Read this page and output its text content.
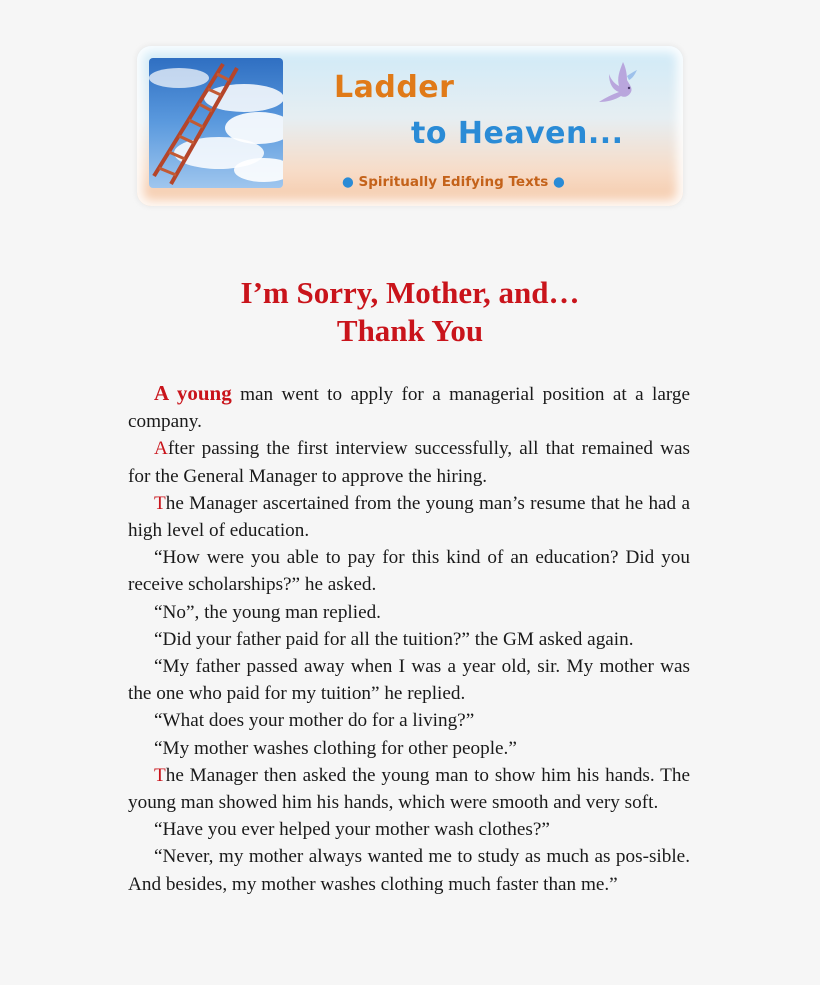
Ladder
to Heaven...
● Spiritually Edifying Texts ●
I’m Sorry, Mother, and…
Thank You

A young man went to apply for a managerial position at a large company.

After passing the first interview successfully, all that remained was for the General Manager to approve the hiring.

The Manager ascertained from the young man’s resume that he had a high level of education.

“How were you able to pay for this kind of an education? Did you receive scholarships?” he asked.

“No”, the young man replied.

“Did your father paid for all the tuition?” the GM asked again.

“My father passed away when I was a year old, sir. My mother was the one who paid for my tuition” he replied.

“What does your mother do for a living?”

“My mother washes clothing for other people.”

The Manager then asked the young man to show him his hands. The young man showed him his hands, which were smooth and very soft.

“Have you ever helped your mother wash clothes?”

“Never, my mother always wanted me to study as much as pos-sible. And besides, my mother washes clothing much faster than me.”
